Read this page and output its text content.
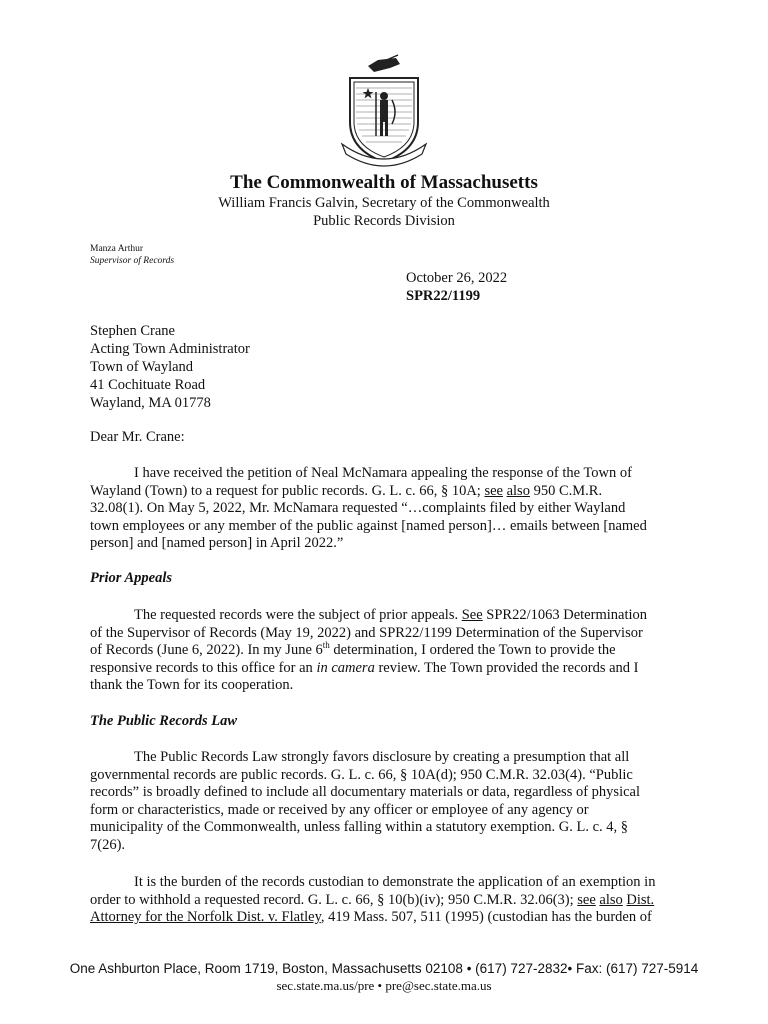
The Commonwealth of Massachusetts
William Francis Galvin, Secretary of the Commonwealth
Public Records Division
Manza Arthur
Supervisor of Records
October 26, 2022
SPR22/1199
Stephen Crane
Acting Town Administrator
Town of Wayland
41 Cochituate Road
Wayland, MA 01778
Dear Mr. Crane:
I have received the petition of Neal McNamara appealing the response of the Town of
Wayland (Town) to a request for public records. G. L. c. 66, § 10A; see also 950 C.M.R.
32.08(1). On May 5, 2022, Mr. McNamara requested “…complaints filed by either Wayland
town employees or any member of the public against [named person]… emails between [named
person] and [named person] in April 2022.”
Prior Appeals
The requested records were the subject of prior appeals. See SPR22/1063 Determination
of the Supervisor of Records (May 19, 2022) and SPR22/1199 Determination of the Supervisor
of Records (June 6, 2022). In my June 6th determination, I ordered the Town to provide the
responsive records to this office for an in camera review. The Town provided the records and I
thank the Town for its cooperation.
The Public Records Law
The Public Records Law strongly favors disclosure by creating a presumption that all
governmental records are public records. G. L. c. 66, § 10A(d); 950 C.M.R. 32.03(4). “Public
records” is broadly defined to include all documentary materials or data, regardless of physical
form or characteristics, made or received by any officer or employee of any agency or
municipality of the Commonwealth, unless falling within a statutory exemption. G. L. c. 4, §
7(26).
It is the burden of the records custodian to demonstrate the application of an exemption in
order to withhold a requested record. G. L. c. 66, § 10(b)(iv); 950 C.M.R. 32.06(3); see also Dist.
Attorney for the Norfolk Dist. v. Flatley, 419 Mass. 507, 511 (1995) (custodian has the burden of
One Ashburton Place, Room 1719, Boston, Massachusetts 02108 • (617) 727-2832• Fax: (617) 727-5914
sec.state.ma.us/pre • pre@sec.state.ma.us
